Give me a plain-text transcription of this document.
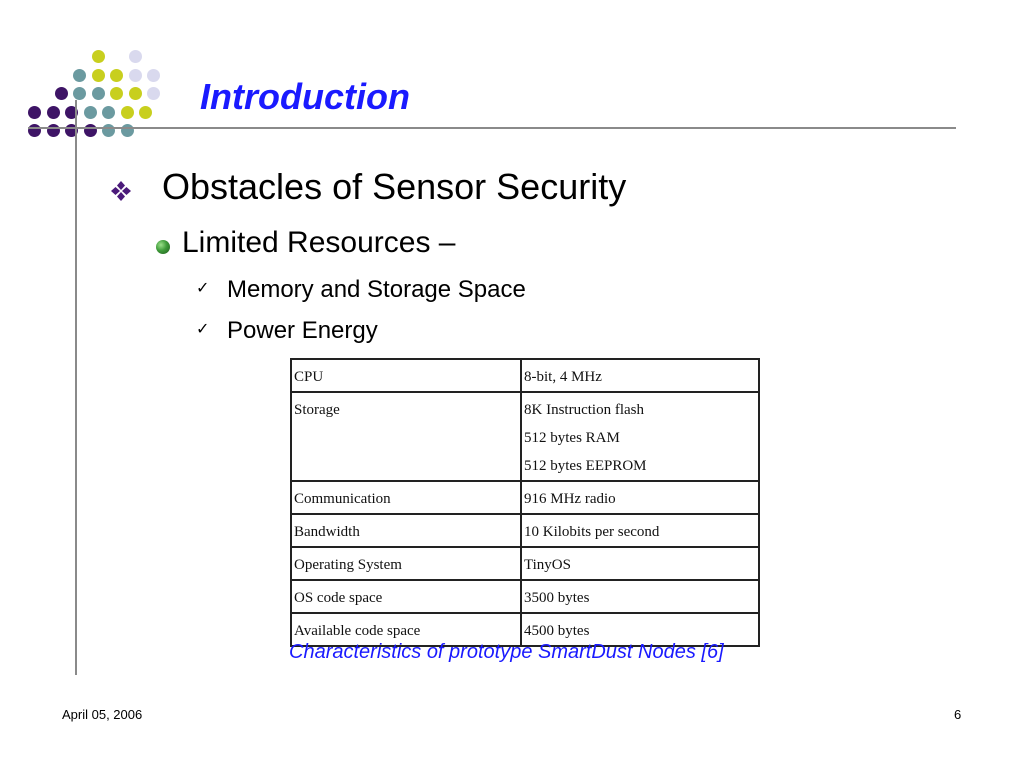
Introduction
Obstacles of Sensor Security
Limited Resources –
✓ Memory and Storage Space
✓ Power Energy
CPU	8-bit, 4 MHz
Storage	8K Instruction flash
512 bytes RAM
512 bytes EEPROM

Communication	916 MHz radio
Bandwidth	10 Kilobits per second
Operating System	TinyOS
OS code space	3500 bytes
Available code space	4500 bytes
Characteristics of prototype SmartDust Nodes [6]
April 05, 2006	6
